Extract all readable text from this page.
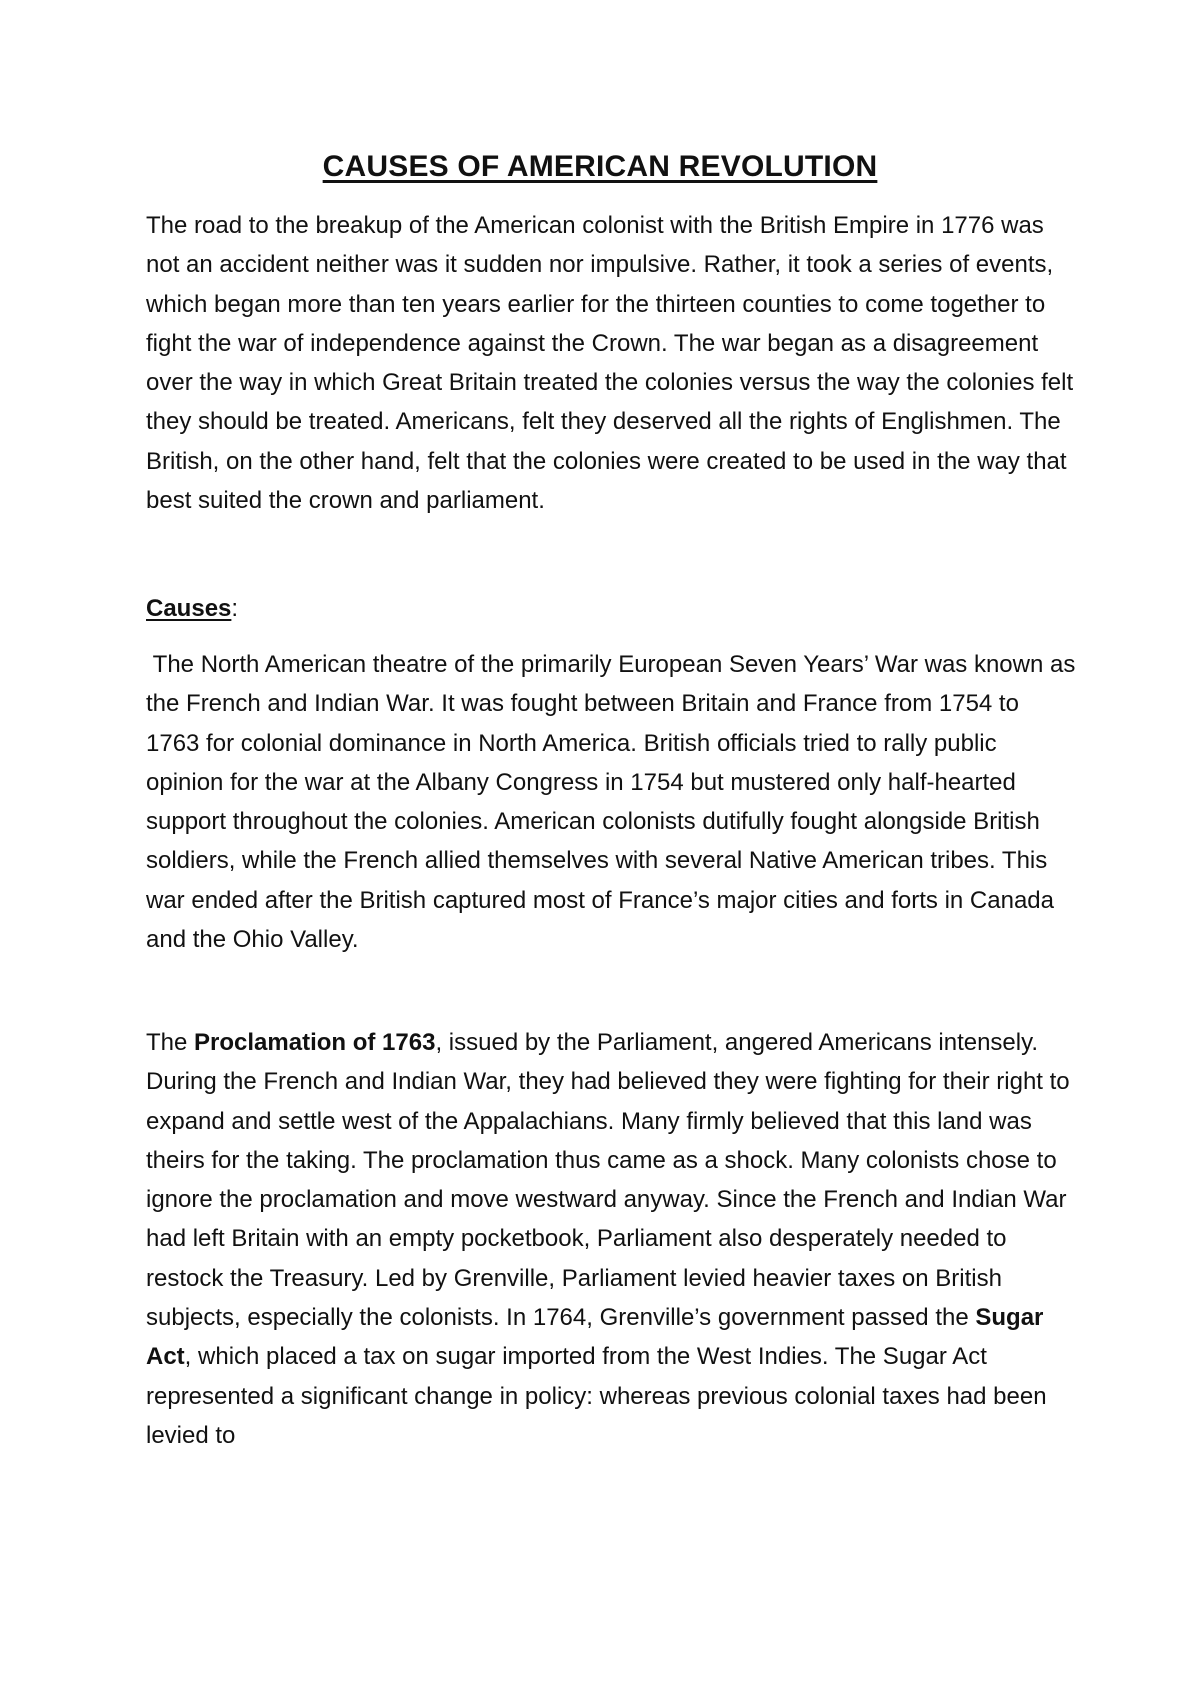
CAUSES OF AMERICAN REVOLUTION

The road to the breakup of the American colonist with the British Empire in 1776 was not an accident neither was it sudden nor impulsive. Rather, it took a series of events, which began more than ten years earlier for the thirteen counties to come together to fight the war of independence against the Crown. The war began as a disagreement over the way in which Great Britain treated the colonies versus the way the colonies felt they should be treated. Americans, felt they deserved all the rights of Englishmen. The British, on the other hand, felt that the colonies were created to be used in the way that best suited the crown and parliament.

Causes:

The North American theatre of the primarily European Seven Years’ War was known as the French and Indian War. It was fought between Britain and France from 1754 to 1763 for colonial dominance in North America. British officials tried to rally public opinion for the war at the Albany Congress in 1754 but mustered only half-hearted support throughout the colonies. American colonists dutifully fought alongside British soldiers, while the French allied themselves with several Native American tribes. This war ended after the British captured most of France’s major cities and forts in Canada and the Ohio Valley.

The Proclamation of 1763, issued by the Parliament, angered Americans intensely. During the French and Indian War, they had believed they were fighting for their right to expand and settle west of the Appalachians. Many firmly believed that this land was theirs for the taking. The proclamation thus came as a shock. Many colonists chose to ignore the proclamation and move westward anyway. Since the French and Indian War had left Britain with an empty pocketbook, Parliament also desperately needed to restock the Treasury. Led by Grenville, Parliament levied heavier taxes on British subjects, especially the colonists. In 1764, Grenville’s government passed the Sugar Act, which placed a tax on sugar imported from the West Indies. The Sugar Act represented a significant change in policy: whereas previous colonial taxes had been levied to
